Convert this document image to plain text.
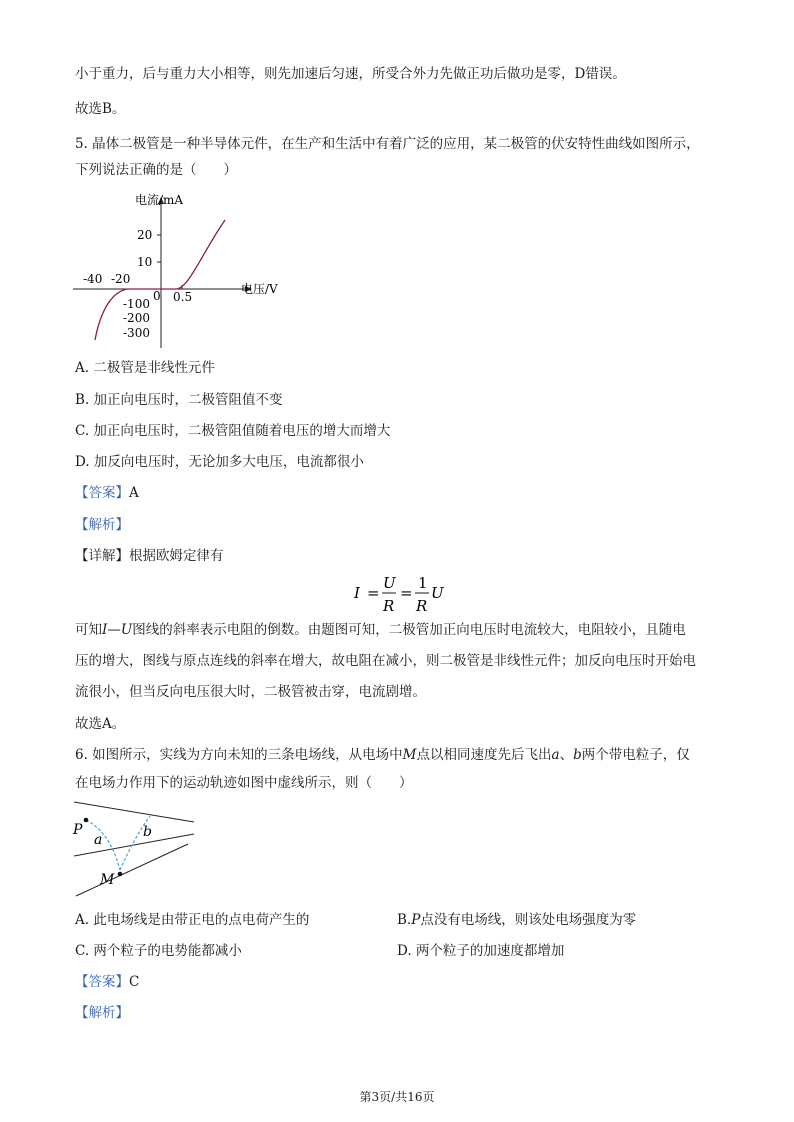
小于重力，后与重力大小相等，则先加速后匀速，所受合外力先做正功后做功是零，D错误。
故选B。
5. 晶体二极管是一种半导体元件，在生产和生活中有着广泛的应用，某二极管的伏安特性曲线如图所示，
下列说法正确的是（　　）
电流/mA
电压/V
20
10
-40 -20
0 0.5
-100
-200
-300
A. 二极管是非线性元件
B. 加正向电压时，二极管阻值不变
C. 加正向电压时，二极管阻值随着电压的增大而增大
D. 加反向电压时，无论加多大电压，电流都很小
【答案】A
【解析】
【详解】根据欧姆定律有
I =
U
R
=
1
R
U
可知I—U图线的斜率表示电阻的倒数。由题图可知，二极管加正向电压时电流较大，电阻较小，且随电
压的增大，图线与原点连线的斜率在增大，故电阻在减小，则二极管是非线性元件；加反向电压时开始电
流很小，但当反向电压很大时，二极管被击穿，电流剧增。
故选A。
6. 如图所示，实线为方向未知的三条电场线，从电场中M点以相同速度先后飞出a、b两个带电粒子，仅
在电场力作用下的运动轨迹如图中虚线所示，则（　　）
P
a	b
M
A. 此电场线是由带正电的点电荷产生的	B.P点没有电场线，则该处电场强度为零
C. 两个粒子的电势能都减小	D. 两个粒子的加速度都增加
【答案】C
【解析】
第3页/共16页
